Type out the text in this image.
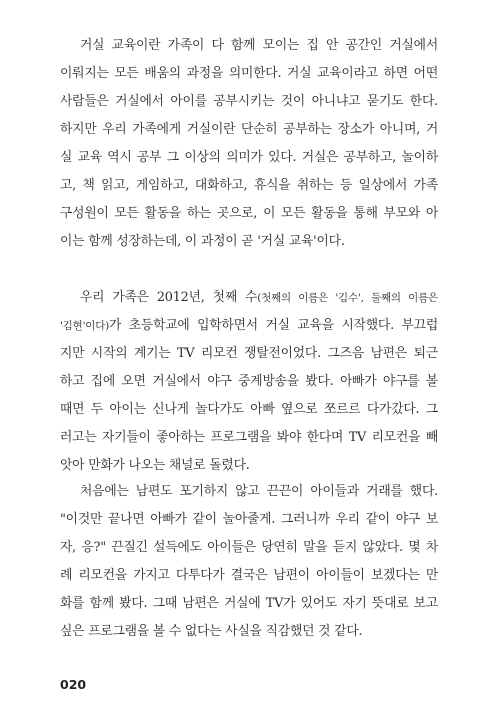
거실 교육이란 가족이 다 함께 모이는 집 안 공간인 거실에서
이뤄지는 모든 배움의 과정을 의미한다. 거실 교육이라고 하면 어떤
사람들은 거실에서 아이를 공부시키는 것이 아니냐고 묻기도 한다.
하지만 우리 가족에게 거실이란 단순히 공부하는 장소가 아니며, 거
실 교육 역시 공부 그 이상의 의미가 있다. 거실은 공부하고, 놀이하
고, 책 읽고, 게임하고, 대화하고, 휴식을 취하는 등 일상에서 가족
구성원이 모든 활동을 하는 곳으로, 이 모든 활동을 통해 부모와 아
이는 함께 성장하는데, 이 과정이 곧 '거실 교육'이다.
우리 가족은 2012년, 첫째 수(첫째의 이름은 '김수', 둘째의 이름은
'김현'이다)가 초등학교에 입학하면서 거실 교육을 시작했다. 부끄럽
지만 시작의 계기는 TV 리모컨 쟁탈전이었다. 그즈음 남편은 퇴근
하고 집에 오면 거실에서 야구 중계방송을 봤다. 아빠가 야구를 볼
때면 두 아이는 신나게 놀다가도 아빠 옆으로 쪼르르 다가갔다. 그
러고는 자기들이 좋아하는 프로그램을 봐야 한다며 TV 리모컨을 빼
앗아 만화가 나오는 채널로 돌렸다.
처음에는 남편도 포기하지 않고 끈끈이 아이들과 거래를 했다.
"이것만 끝나면 아빠가 같이 놀아줄게. 그러니까 우리 같이 야구 보
자, 응?" 끈질긴 설득에도 아이들은 당연히 말을 듣지 않았다. 몇 차
례 리모컨을 가지고 다투다가 결국은 남편이 아이들이 보겠다는 만
화를 함께 봤다. 그때 남편은 거실에 TV가 있어도 자기 뜻대로 보고
싶은 프로그램을 볼 수 없다는 사실을 직감했던 것 같다.
020
